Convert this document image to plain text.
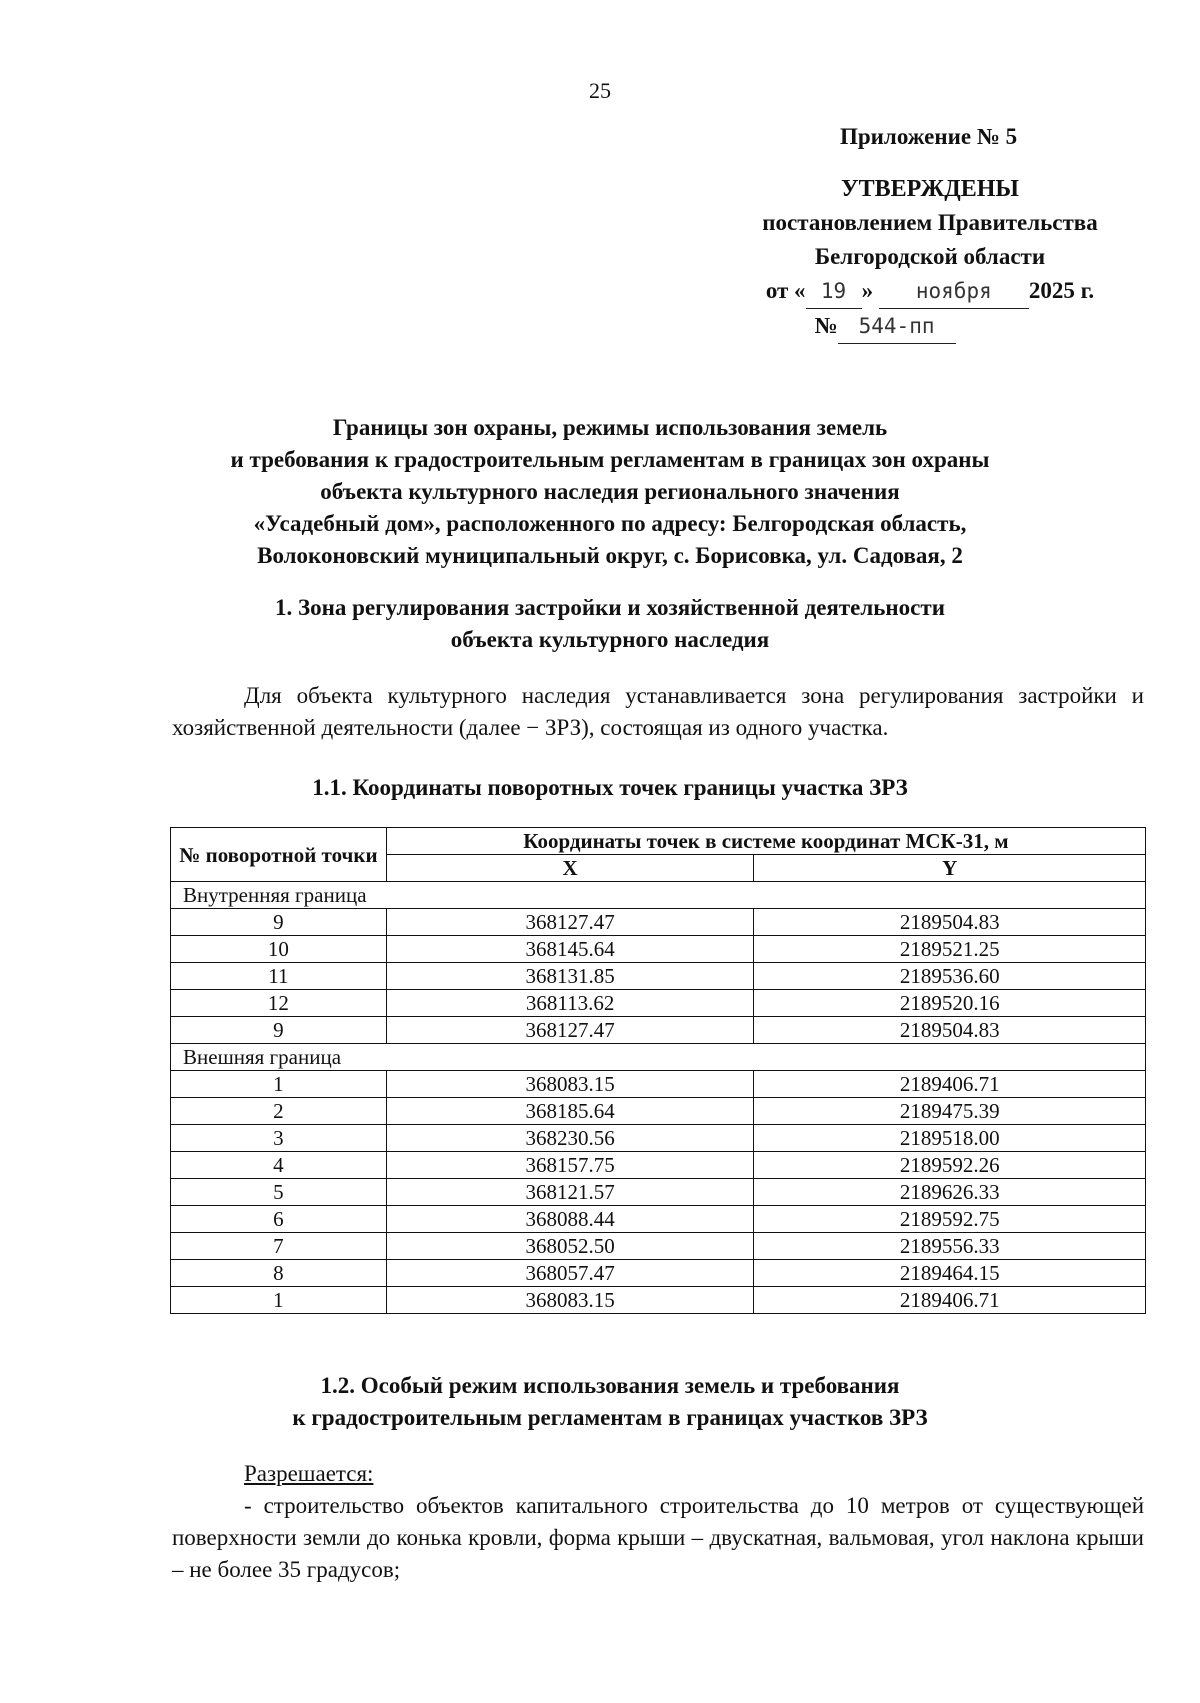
25
Приложение № 5
УТВЕРЖДЕНЫ
постановлением Правительства
Белгородской области
от « 19 » ноября 2025 г.
№ 544-пп
Границы зон охраны, режимы использования земель
и требования к градостроительным регламентам в границах зон охраны
объекта культурного наследия регионального значения
«Усадебный дом», расположенного по адресу: Белгородская область,
Волоконовский муниципальный округ, с. Борисовка, ул. Садовая, 2
1. Зона регулирования застройки и хозяйственной деятельности
объекта культурного наследия
Для объекта культурного наследия устанавливается зона регулирования застройки и хозяйственной деятельности (далее − ЗРЗ), состоящая из одного участка.
1.1. Координаты поворотных точек границы участка ЗРЗ
№ поворотной точки	Координаты точек в системе координат МСК-31, м	
	X	Y
Внутренняя граница		
9	368127.47	2189504.83
10	368145.64	2189521.25
11	368131.85	2189536.60
12	368113.62	2189520.16
9	368127.47	2189504.83
Внешняя граница		
1	368083.15	2189406.71
2	368185.64	2189475.39
3	368230.56	2189518.00
4	368157.75	2189592.26
5	368121.57	2189626.33
6	368088.44	2189592.75
7	368052.50	2189556.33
8	368057.47	2189464.15
1	368083.15	2189406.71
1.2. Особый режим использования земель и требования
к градостроительным регламентам в границах участков ЗРЗ
Разрешается:
- строительство объектов капитального строительства до 10 метров от существующей поверхности земли до конька кровли, форма крыши – двускатная, вальмовая, угол наклона крыши – не более 35 градусов;
